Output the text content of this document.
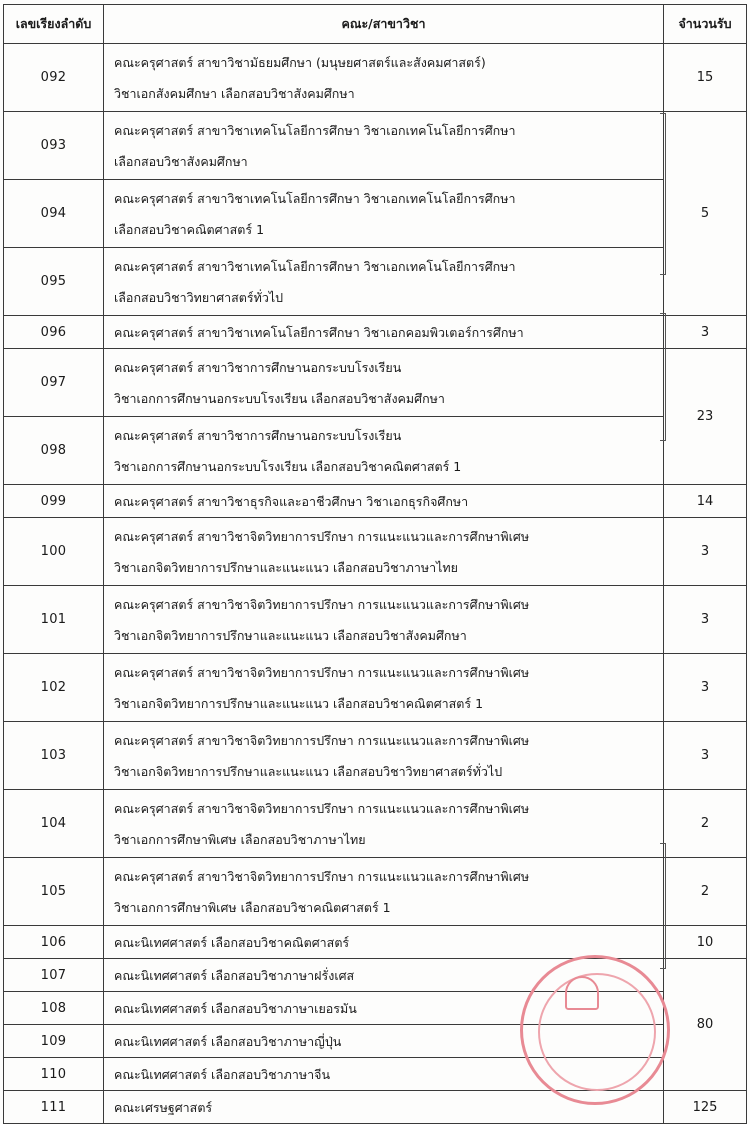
เลขเรียงลำดับ	คณะ/สาขาวิชา	จำนวนรับ
092	คณะครุศาสตร์ สาขาวิชามัธยมศึกษา (มนุษยศาสตร์และสังคมศาสตร์)
วิชาเอกสังคมศึกษา เลือกสอบวิชาสังคมศึกษา	15
093	คณะครุศาสตร์ สาขาวิชาเทคโนโลยีการศึกษา วิชาเอกเทคโนโลยีการศึกษา
เลือกสอบวิชาสังคมศึกษา	5
094	คณะครุศาสตร์ สาขาวิชาเทคโนโลยีการศึกษา วิชาเอกเทคโนโลยีการศึกษา
เลือกสอบวิชาคณิตศาสตร์ 1	

095	คณะครุศาสตร์ สาขาวิชาเทคโนโลยีการศึกษา วิชาเอกเทคโนโลยีการศึกษา
เลือกสอบวิชาวิทยาศาสตร์ทั่วไป	

096	คณะครุศาสตร์ สาขาวิชาเทคโนโลยีการศึกษา วิชาเอกคอมพิวเตอร์การศึกษา	3
097	คณะครุศาสตร์ สาขาวิชาการศึกษานอกระบบโรงเรียน
วิชาเอกการศึกษานอกระบบโรงเรียน เลือกสอบวิชาสังคมศึกษา	23
098	คณะครุศาสตร์ สาขาวิชาการศึกษานอกระบบโรงเรียน
วิชาเอกการศึกษานอกระบบโรงเรียน เลือกสอบวิชาคณิตศาสตร์ 1	

099	คณะครุศาสตร์ สาขาวิชาธุรกิจและอาชีวศึกษา วิชาเอกธุรกิจศึกษา	14
100	คณะครุศาสตร์ สาขาวิชาจิตวิทยาการปรึกษา การแนะแนวและการศึกษาพิเศษ
วิชาเอกจิตวิทยาการปรึกษาและแนะแนว เลือกสอบวิชาภาษาไทย	3
101	คณะครุศาสตร์ สาขาวิชาจิตวิทยาการปรึกษา การแนะแนวและการศึกษาพิเศษ
วิชาเอกจิตวิทยาการปรึกษาและแนะแนว เลือกสอบวิชาสังคมศึกษา	3
102	คณะครุศาสตร์ สาขาวิชาจิตวิทยาการปรึกษา การแนะแนวและการศึกษาพิเศษ
วิชาเอกจิตวิทยาการปรึกษาและแนะแนว เลือกสอบวิชาคณิตศาสตร์ 1	3
103	คณะครุศาสตร์ สาขาวิชาจิตวิทยาการปรึกษา การแนะแนวและการศึกษาพิเศษ
วิชาเอกจิตวิทยาการปรึกษาและแนะแนว เลือกสอบวิชาวิทยาศาสตร์ทั่วไป	3
104	คณะครุศาสตร์ สาขาวิชาจิตวิทยาการปรึกษา การแนะแนวและการศึกษาพิเศษ
วิชาเอกการศึกษาพิเศษ เลือกสอบวิชาภาษาไทย	2
105	คณะครุศาสตร์ สาขาวิชาจิตวิทยาการปรึกษา การแนะแนวและการศึกษาพิเศษ
วิชาเอกการศึกษาพิเศษ เลือกสอบวิชาคณิตศาสตร์ 1	2
106	คณะนิเทศศาสตร์ เลือกสอบวิชาคณิตศาสตร์	10
107	คณะนิเทศศาสตร์ เลือกสอบวิชาภาษาฝรั่งเศส	80
108	คณะนิเทศศาสตร์ เลือกสอบวิชาภาษาเยอรมัน	

109	คณะนิเทศศาสตร์ เลือกสอบวิชาภาษาญี่ปุ่น	

110	คณะนิเทศศาสตร์ เลือกสอบวิชาภาษาจีน	

111	คณะเศรษฐศาสตร์	125
